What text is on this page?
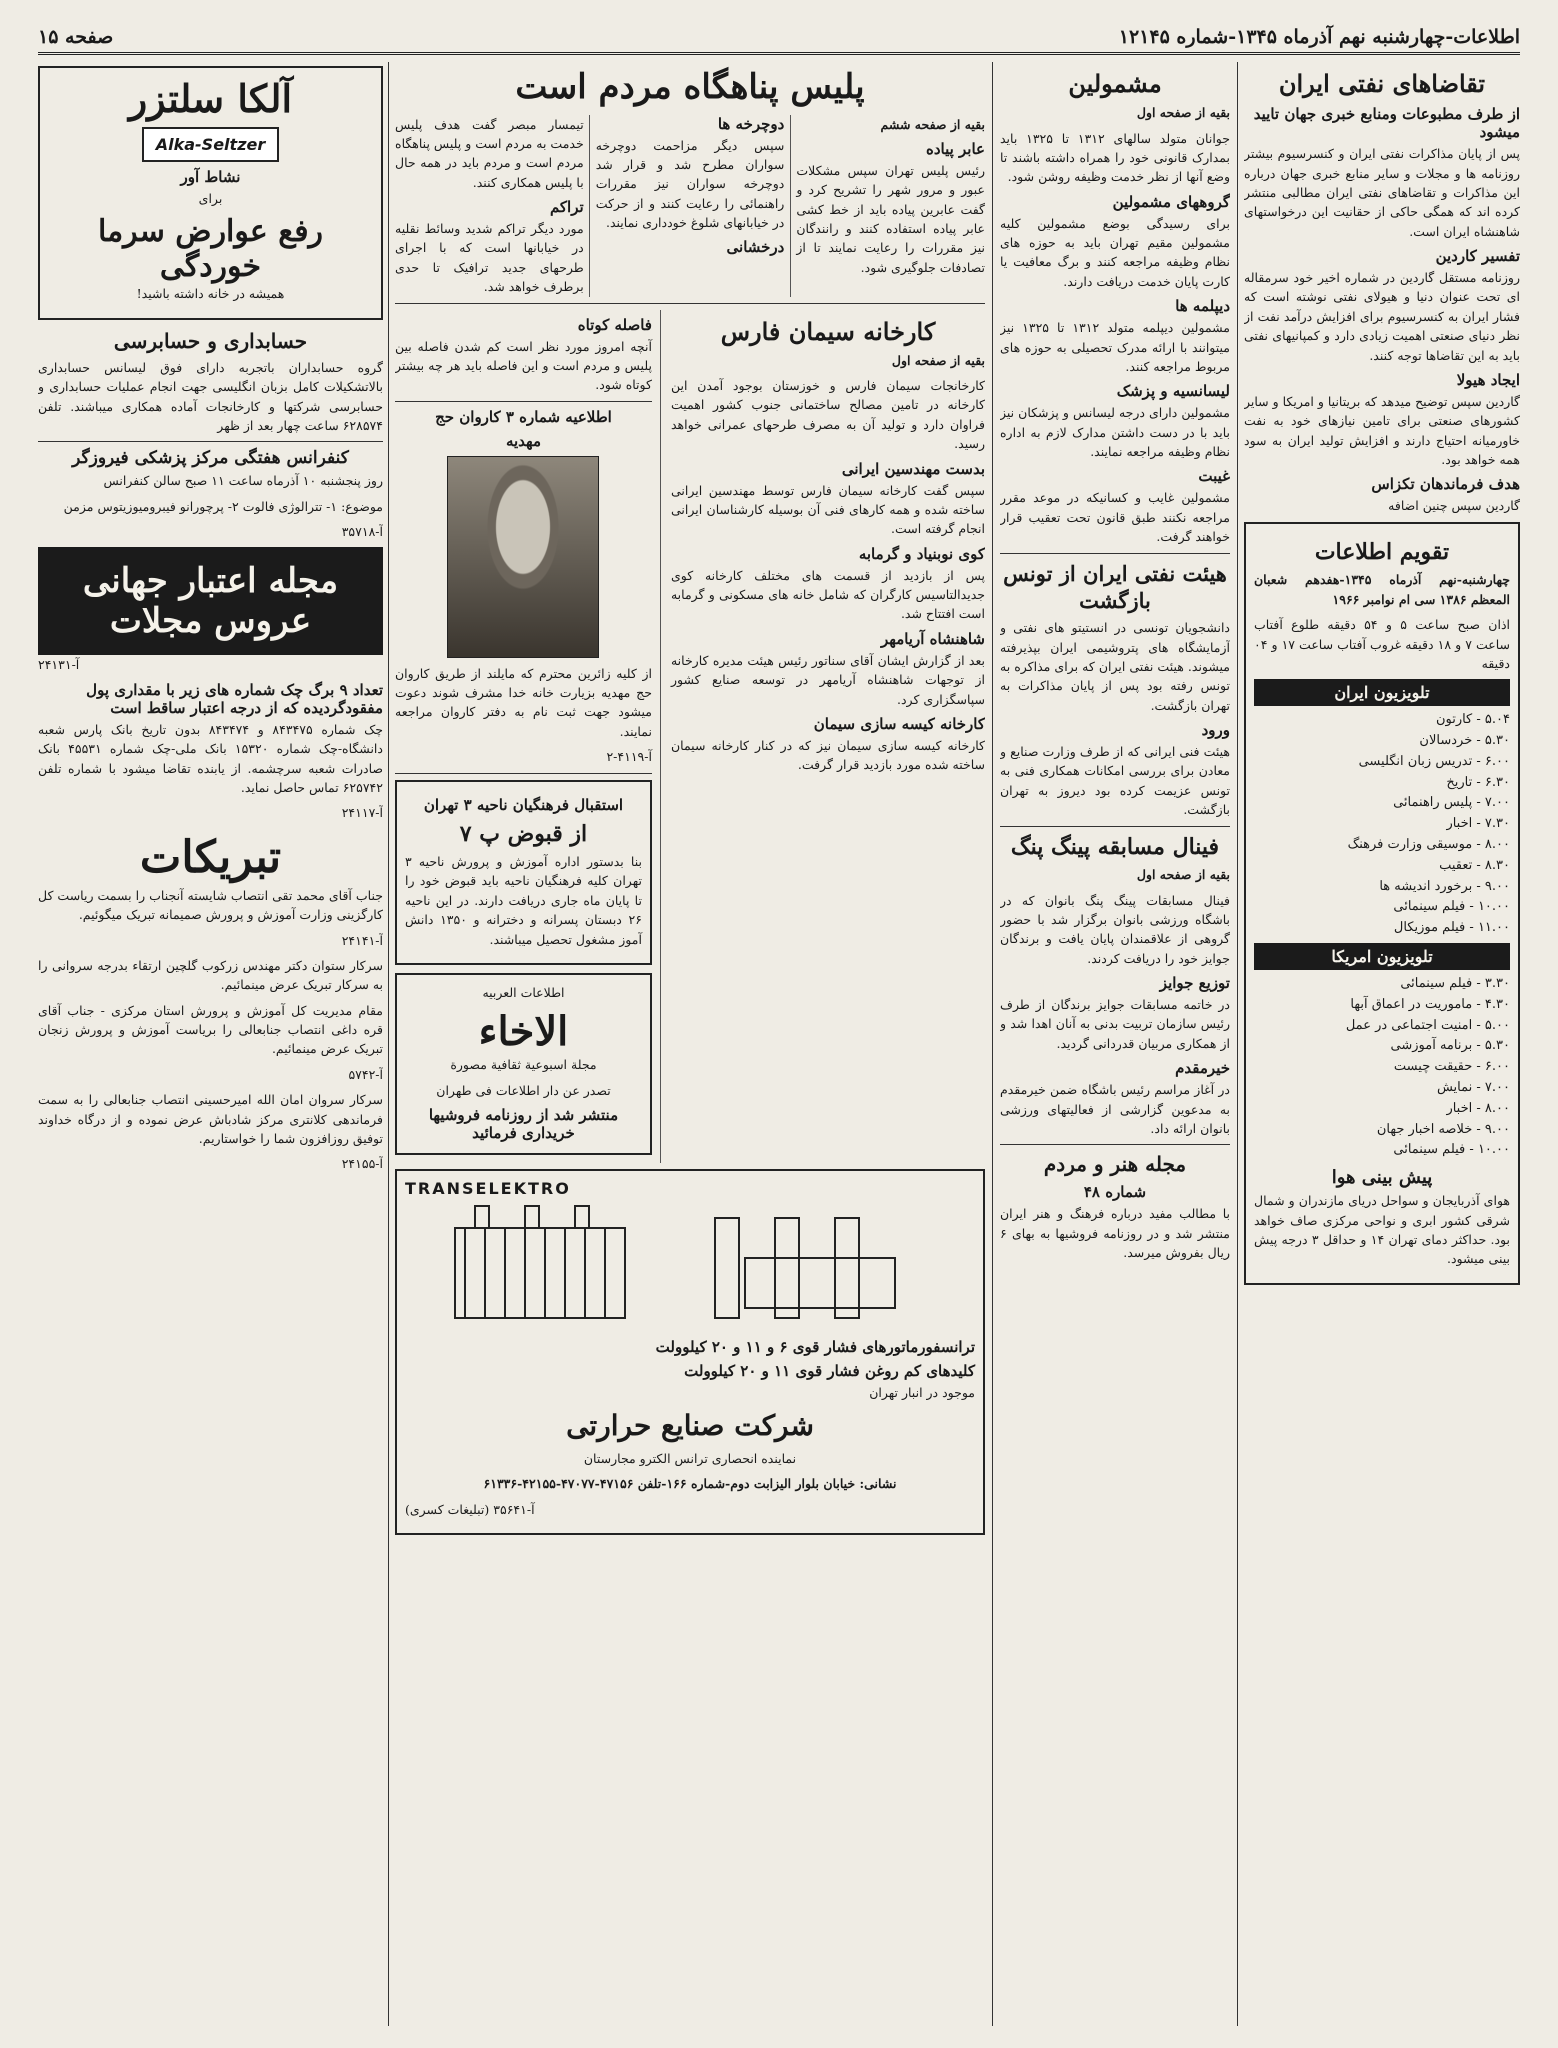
اطلاعات-چهارشنبه نهم آذرماه ۱۳۴۵-شماره ۱۲۱۴۵
صفحه ۱۵
تقاضاهای نفتی ایران

از طرف مطبوعات ومنابع خبری جهان تایید میشود

پس از پایان مذاکرات نفتی ایران و کنسرسیوم بیشتر روزنامه ها و مجلات و ساير منابع خبری جهان درباره این مذاکرات و تقاضاهای نفتی ایران مطالبی منتشر کرده اند که همگی حاکی از حقانیت این درخواستهای شاهنشاه ایران است.

تفسیر کاردین

روزنامه مستقل گاردین در شماره اخیر خود سرمقاله ای تحت عنوان دنیا و هیولای نفتی نوشته است که فشار ایران به کنسرسیوم برای افزایش درآمد نفت از نظر دنیای صنعتی اهمیت زیادی دارد و کمپانیهای نفتی باید به این تقاضاها توجه کنند.

ایجاد هیولا

گاردین سپس توضیح میدهد که بریتانیا و امریکا و سایر کشورهای صنعتی برای تامین نیازهای خود به نفت خاورمیانه احتیاج دارند و افزایش تولید ایران به سود همه خواهد بود.

هدف فرماندهان تکزاس

گاردین سپس چنین اضافه

تقویم اطلاعات

چهارشنبه-نهم آذرماه ۱۳۴۵-هفدهم شعبان المعظم ۱۳۸۶ سی ام نوامبر ۱۹۶۶

اذان صبح ساعت ۵ و ۵۴ دقیقه طلوع آفتاب ساعت ۷ و ۱۸ دقیقه غروب آفتاب ساعت ۱۷ و ۰۴ دقیقه

تلویزیون ایران
۵.۰۴ - کارتون
۵.۳۰ - خردسالان
۶.۰۰ - تدریس زبان انگلیسی
۶.۳۰ - تاریخ
۷.۰۰ - پلیس راهنمائی
۷.۳۰ - اخبار
۸.۰۰ - موسیقی وزارت فرهنگ
۸.۳۰ - تعقیب
۹.۰۰ - برخورد اندیشه ها
۱۰.۰۰ - فیلم سینمائی
۱۱.۰۰ - فیلم موزیکال
تلویزیون امریکا
۳.۳۰ - فیلم سینمائی
۴.۳۰ - ماموریت در اعماق آبها
۵.۰۰ - امنیت اجتماعی در عمل
۵.۳۰ - برنامه آموزشی
۶.۰۰ - حقیقت چیست
۷.۰۰ - نمایش
۸.۰۰ - اخبار
۹.۰۰ - خلاصه اخبار جهان
۱۰.۰۰ - فیلم سینمائی
پیش بینی هوا

هوای آذربایجان و سواحل دریای مازندران و شمال شرقی کشور ابری و نواحی مرکزی صاف خواهد بود. حداکثر دمای تهران ۱۴ و حداقل ۳ درجه پیش بینی میشود.

مشمولین

بقیه از صفحه اول

جوانان متولد سالهای ۱۳۱۲ تا ۱۳۲۵ باید بمدارک قانونی خود را همراه داشته باشند تا وضع آنها از نظر خدمت وظیفه روشن شود.

گروههای مشمولین

برای رسیدگی بوضع مشمولین کلیه مشمولین مقیم تهران باید به حوزه های نظام وظیفه مراجعه کنند و برگ معافیت یا کارت پایان خدمت دریافت دارند.

دیپلمه ها

مشمولین دیپلمه متولد ۱۳۱۲ تا ۱۳۲۵ نیز میتوانند با ارائه مدرک تحصیلی به حوزه های مربوط مراجعه کنند.

لیسانسیه و پزشک

مشمولین دارای درجه لیسانس و پزشکان نیز باید با در دست داشتن مدارک لازم به اداره نظام وظیفه مراجعه نمایند.

غیبت

مشمولین غایب و کسانیکه در موعد مقرر مراجعه نکنند طبق قانون تحت تعقیب قرار خواهند گرفت.

هیئت نفتی ایران از تونس بازگشت

دانشجویان تونسی در انستیتو های نفتی و آزمایشگاه های پتروشیمی ایران بپذیرفته میشوند. هیئت نفتی ایران که برای مذاکره به تونس رفته بود پس از پایان مذاکرات به تهران بازگشت.

ورود

هیئت فنی ایرانی که از طرف وزارت صنایع و معادن برای بررسی امکانات همکاری فنی به تونس عزیمت کرده بود دیروز به تهران بازگشت.

فینال مسابقه پینگ پنگ

بقیه از صفحه اول

فینال مسابقات پینگ پنگ بانوان که در باشگاه ورزشی بانوان برگزار شد با حضور گروهی از علاقمندان پایان یافت و برندگان جوایز خود را دریافت کردند.

توزیع جوایز

در خاتمه مسابقات جوایز برندگان از طرف رئیس سازمان تربیت بدنی به آنان اهدا شد و از همکاری مربیان قدردانی گردید.

خیرمقدم

در آغاز مراسم رئیس باشگاه ضمن خیرمقدم به مدعوین گزارشی از فعالیتهای ورزشی بانوان ارائه داد.

مجله هنر و مردم
شماره ۴۸

با مطالب مفید درباره فرهنگ و هنر ایران منتشر شد و در روزنامه فروشیها به بهای ۶ ریال بفروش میرسد.

پلیس پناهگاه مردم است

بقیه از صفحه ششم

عابر پیاده

رئیس پلیس تهران سپس مشکلات عبور و مرور شهر را تشریح کرد و گفت عابرین پیاده باید از خط کشی عابر پیاده استفاده کنند و رانندگان نیز مقررات را رعایت نمایند تا از تصادفات جلوگیری شود.

دوچرخه ها

سپس دیگر مزاحمت دوچرخه سواران مطرح شد و قرار شد دوچرخه سواران نیز مقررات راهنمائی را رعایت کنند و از حرکت در خیابانهای شلوغ خودداری نمایند.

درخشانی

تیمسار مبصر گفت هدف پلیس خدمت به مردم است و پلیس پناهگاه مردم است و مردم باید در همه حال با پلیس همکاری کنند.

تراکم

مورد دیگر تراکم شدید وسائط نقلیه در خیابانها است که با اجرای طرحهای جدید ترافیک تا حدی برطرف خواهد شد.

کارخانه سیمان فارس

بقیه از صفحه اول

کارخانجات سیمان فارس و خوزستان بوجود آمدن این کارخانه در تامین مصالح ساختمانی جنوب کشور اهمیت فراوان دارد و تولید آن به مصرف طرحهای عمرانی خواهد رسید.

بدست مهندسین ایرانی

سپس گفت کارخانه سیمان فارس توسط مهندسین ایرانی ساخته شده و همه کارهای فنی آن بوسیله کارشناسان ایرانی انجام گرفته است.

کوی نوبنیاد و گرمابه

پس از بازدید از قسمت های مختلف کارخانه کوی جدیدالتاسیس کارگران که شامل خانه های مسکونی و گرمابه است افتتاح شد.

شاهنشاه آریامهر

بعد از گزارش ایشان آقای سناتور رئیس هیئت مدیره کارخانه از توجهات شاهنشاه آریامهر در توسعه صنایع کشور سپاسگزاری کرد.

کارخانه کیسه سازی سیمان

کارخانه کیسه سازی سیمان نیز که در کنار کارخانه سیمان ساخته شده مورد بازدید قرار گرفت.

فاصله کوتاه

آنچه امروز مورد نظر است کم شدن فاصله بین پلیس و مردم است و این فاصله باید هر چه بیشتر کوتاه شود.

اطلاعیه شماره ۳ کاروان حج
مهدیه

از کلیه زائرین محترم که مایلند از طریق کاروان حج مهدیه بزیارت خانه خدا مشرف شوند دعوت میشود جهت ثبت نام به دفتر کاروان مراجعه نمایند.

آ-۴۱۱۹-۲

استقبال فرهنگیان ناحیه ۳ تهران
از قبوض پ ۷

بنا بدستور اداره آموزش و پرورش ناحیه ۳ تهران کلیه فرهنگیان ناحیه باید قبوض خود را تا پایان ماه جاری دریافت دارند. در این ناحیه ۲۶ دبستان پسرانه و دخترانه و ۱۳۵۰ دانش آموز مشغول تحصیل میباشند.

اطلاعات العربیه
الاخاء
مجلة اسبوعية ثقافية مصورة
تصدر عن دار اطلاعات فی طهران
منتشر شد از روزنامه فروشیها خریداری فرمائید
TRANSELEKTRO
ترانسفورماتورهای فشار قوی ۶ و ۱۱ و ۲۰ کیلوولت
کلیدهای کم روغن فشار قوی ۱۱ و ۲۰ کیلوولت
موجود در انبار تهران
شرکت صنایع حرارتی
نماینده انحصاری ترانس الکترو مجارستان
نشانی: خیابان بلوار الیزابت دوم-شماره ۱۶۶-تلفن ۴۷۱۵۶-۴۷۰۷۷-۴۲۱۵۵-۶۱۳۳۶
آ-۳۵۶۴۱ (تبلیغات کسری)
آلکا سلتزر
Alka-Seltzer
نشاط آور
برای
رفع عوارض سرما خوردگی
همیشه در خانه داشته باشید!
حسابداری و حسابرسی

گروه حسابداران باتجربه دارای فوق لیسانس حسابداری بالاتشکیلات کامل بزبان انگلیسی جهت انجام عملیات حسابداری و حسابرسی شرکتها و کارخانجات آماده همکاری میباشند. تلفن ۶۲۸۵۷۴ ساعت چهار بعد از ظهر

کنفرانس هفتگی مرکز پزشکی فیروزگر

روز پنجشنبه ۱۰ آذرماه ساعت ۱۱ صبح سالن کنفرانس

موضوع: ۱- تترالوژی فالوت ۲- پرچورانو فیبرومیوزیتوس مزمن

آ-۳۵۷۱۸

مجله اعتبار جهانی
عروس مجلات

آ-۲۴۱۳۱

تعداد ۹ برگ چک شماره های زیر با مقداری پول مفقودگردیده که از درجه اعتبار ساقط است

چک شماره ۸۴۳۴۷۵ و ۸۴۳۴۷۴ بدون تاریخ بانک پارس شعبه دانشگاه-چک شماره ۱۵۳۲۰ بانک ملی-چک شماره ۴۵۵۳۱ بانک صادرات شعبه سرچشمه. از یابنده تقاضا میشود با شماره تلفن ۶۲۵۷۴۲ تماس حاصل نماید.

آ-۲۴۱۱۷

تبریکات

جناب آقای محمد تقی انتصاب شایسته آنجناب را بسمت ریاست کل کارگزینی وزارت آموزش و پرورش صمیمانه تبریک میگوئیم.

آ-۲۴۱۴۱

سرکار ستوان دکتر مهندس زرکوب گلچین ارتقاء بدرجه سروانی را به سرکار تبریک عرض مینمائیم.

مقام مدیریت کل آموزش و پرورش استان مرکزی - جناب آقای قره داغی انتصاب جنابعالی را بریاست آموزش و پرورش زنجان تبریک عرض مینمائیم.

آ-۵۷۴۲

سرکار سروان امان الله امیرحسینی انتصاب جنابعالی را به سمت فرماندهی کلانتری مرکز شادباش عرض نموده و از درگاه خداوند توفیق روزافزون شما را خواستاریم.

آ-۲۴۱۵۵
